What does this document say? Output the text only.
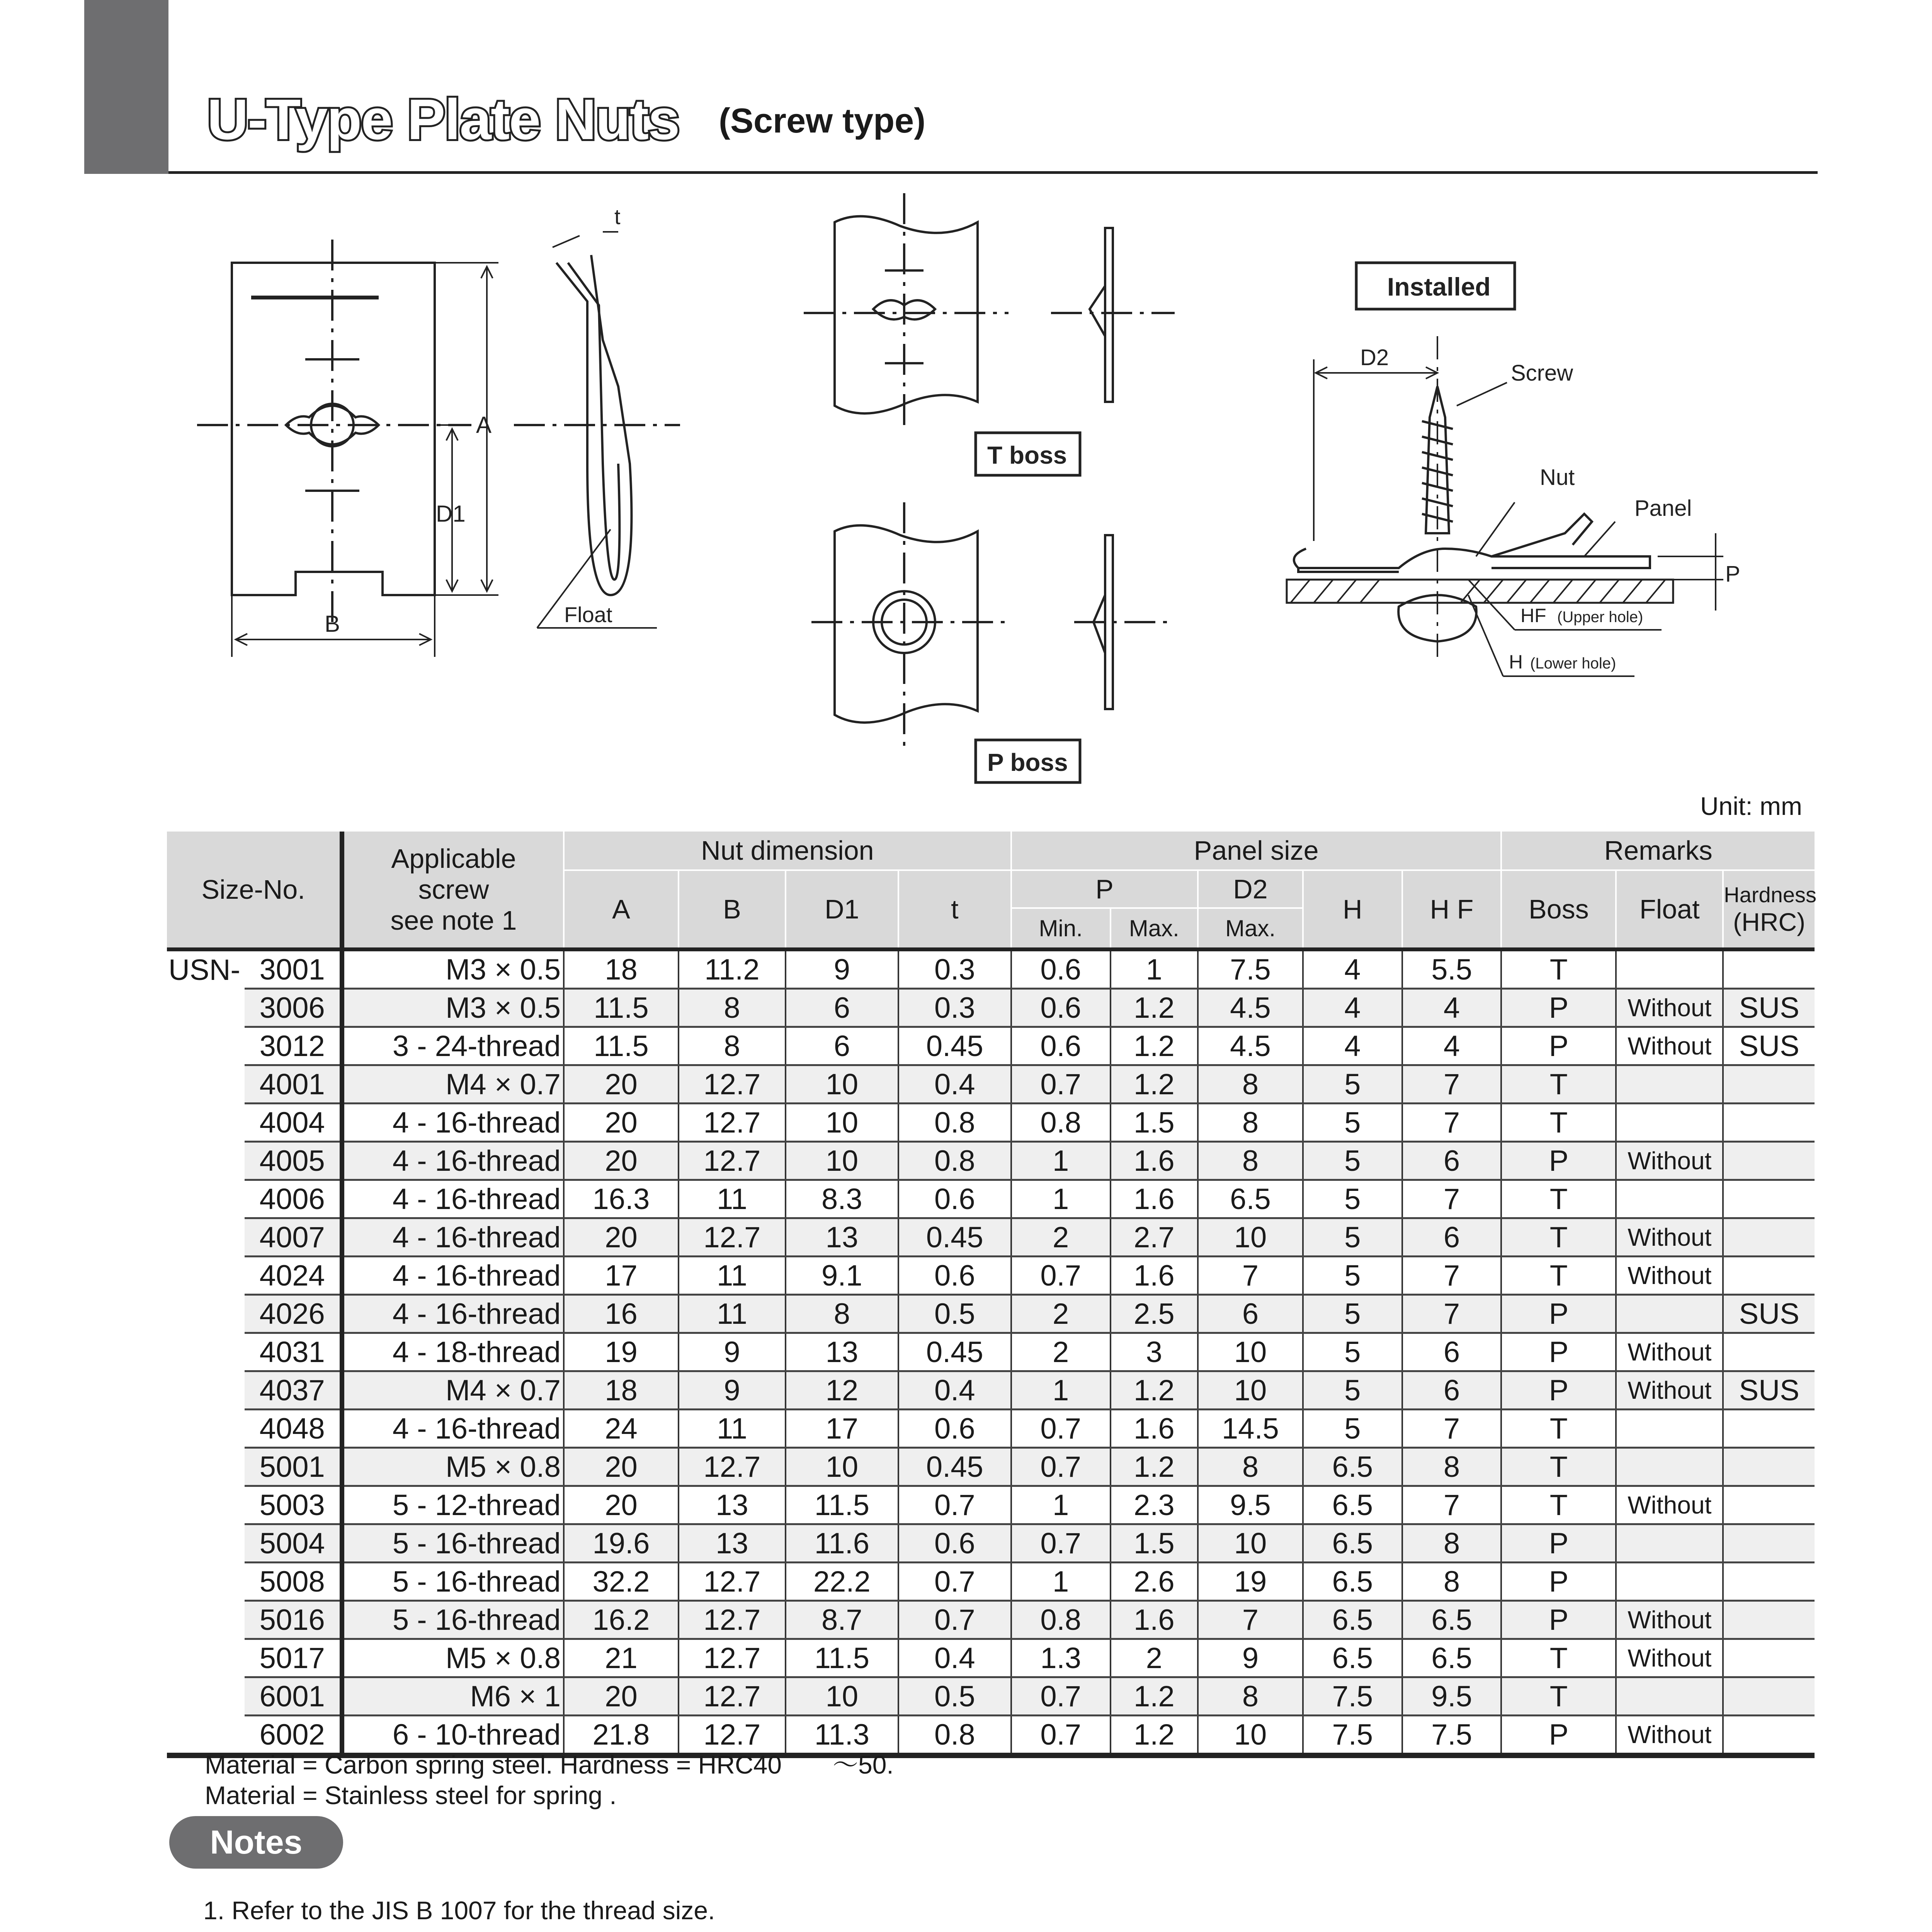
U-Type Plate Nuts (Screw type)
A
D1
B
t
Float
T boss
P boss
Installed
D2
Screw
Nut
Panel
P
HF (Upper hole)
H (Lower hole)
Unit: mm
Size-No.		Applicable
screw
see note 1	Nut dimension				Panel size					Remarks		
			A	B	D1	t	P		D2	H	H F	Boss	Float	Hardness
(HRC)
							Min.	Max.	Max.					
USN-	3001	M3 × 0.5	18	11.2	9	0.3	0.6	1	7.5	4	5.5	T		
	3006	M3 × 0.5	11.5	8	6	0.3	0.6	1.2	4.5	4	4	P	Without	SUS
	3012	3 - 24-thread	11.5	8	6	0.45	0.6	1.2	4.5	4	4	P	Without	SUS
	4001	M4 × 0.7	20	12.7	10	0.4	0.7	1.2	8	5	7	T		
	4004	4 - 16-thread	20	12.7	10	0.8	0.8	1.5	8	5	7	T		
	4005	4 - 16-thread	20	12.7	10	0.8	1	1.6	8	5	6	P	Without	
	4006	4 - 16-thread	16.3	11	8.3	0.6	1	1.6	6.5	5	7	T		
	4007	4 - 16-thread	20	12.7	13	0.45	2	2.7	10	5	6	T	Without	
	4024	4 - 16-thread	17	11	9.1	0.6	0.7	1.6	7	5	7	T	Without	
	4026	4 - 16-thread	16	11	8	0.5	2	2.5	6	5	7	P		SUS
	4031	4 - 18-thread	19	9	13	0.45	2	3	10	5	6	P	Without	
	4037	M4 × 0.7	18	9	12	0.4	1	1.2	10	5	6	P	Without	SUS
	4048	4 - 16-thread	24	11	17	0.6	0.7	1.6	14.5	5	7	T		
	5001	M5 × 0.8	20	12.7	10	0.45	0.7	1.2	8	6.5	8	T		
	5003	5 - 12-thread	20	13	11.5	0.7	1	2.3	9.5	6.5	7	T	Without	
	5004	5 - 16-thread	19.6	13	11.6	0.6	0.7	1.5	10	6.5	8	P		
	5008	5 - 16-thread	32.2	12.7	22.2	0.7	1	2.6	19	6.5	8	P		
	5016	5 - 16-thread	16.2	12.7	8.7	0.7	0.8	1.6	7	6.5	6.5	P	Without	
	5017	M5 × 0.8	21	12.7	11.5	0.4	1.3	2	9	6.5	6.5	T	Without	
	6001	M6 × 1	20	12.7	10	0.5	0.7	1.2	8	7.5	9.5	T		
	6002	6 - 10-thread	21.8	12.7	11.3	0.8	0.7	1.2	10	7.5	7.5	P	Without	
Material = Carbon spring steel. Hardness = HRC40　　〜50.
Material = Stainless steel for spring .
Notes
1. Refer to the JIS B 1007 for the thread size.
